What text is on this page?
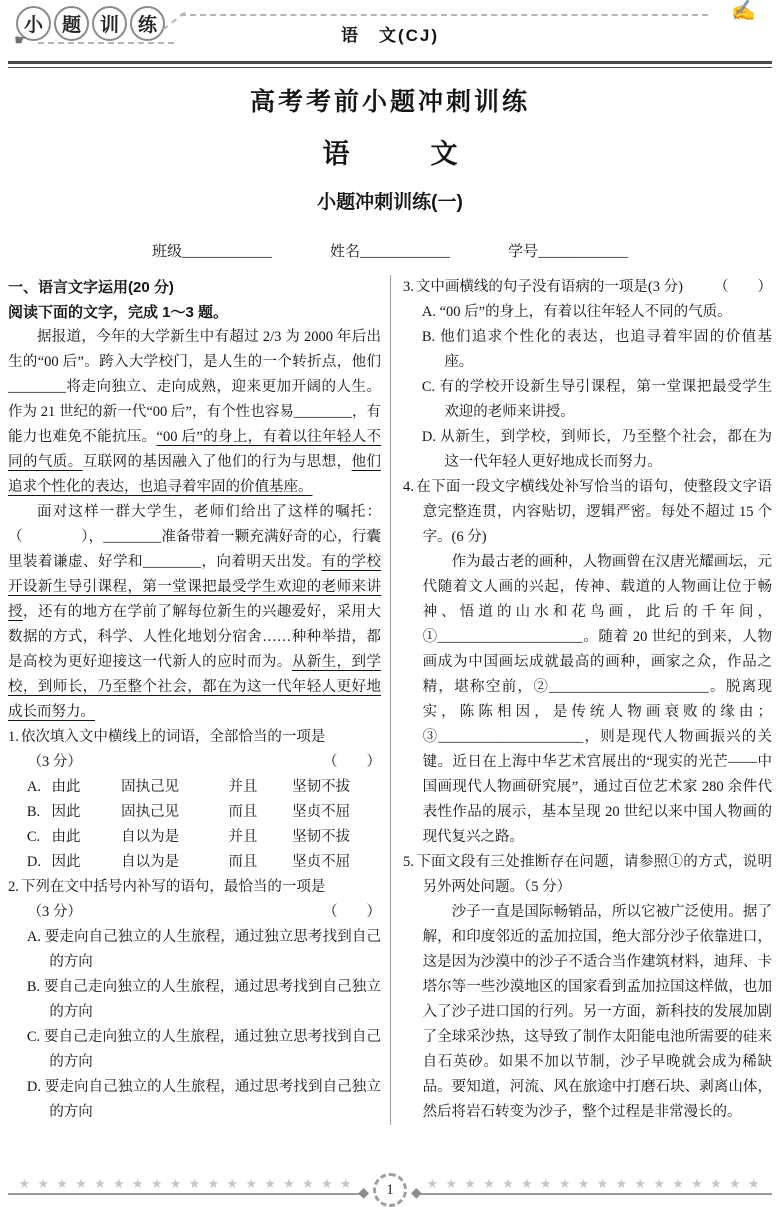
小 题 训 练
☛
✍
语　文(CJ)
高考考前小题冲刺训练
语　　　文
小题冲刺训练(一)
班级____________	姓名____________	学号____________
一、语言文字运用(20 分)
阅读下面的文字，完成 1～3 题。
据报道，今年的大学新生中有超过 2/3 为 2000 年后出生的“00 后”。跨入大学校门，是人生的一个转折点，他们________将走向独立、走向成熟，迎来更加开阔的人生。作为 21 世纪的新一代“00 后”，有个性也容易________，有能力也难免不能抗压。“00 后”的身上，有着以往年轻人不同的气质。互联网的基因融入了他们的行为与思想，他们追求个性化的表达，也追寻着牢固的价值基座。
面对这样一群大学生，老师们给出了这样的嘱托：（　　　　），________准备带着一颗充满好奇的心，行囊里装着谦虚、好学和________，向着明天出发。有的学校开设新生导引课程，第一堂课把最受学生欢迎的老师来讲授，还有的地方在学前了解每位新生的兴趣爱好，采用大数据的方式，科学、人性化地划分宿舍……种种举措，都是高校为更好迎接这一代新人的应时而为。从新生，到学校，到师长，乃至整个社会，都在为这一代年轻人更好地成长而努力。
1. 依次填入文中横线上的词语，全部恰当的一项是
（3 分）	（　　）
A. 由此	固执己见	并且	坚韧不拔
B. 因此	固执己见	而且	坚贞不屈
C. 由此	自以为是	并且	坚韧不拔
D. 因此	自以为是	而且	坚贞不屈
2. 下列在文中括号内补写的语句，最恰当的一项是
（3 分）	（　　）
A. 要走向自己独立的人生旅程，通过独立思考找到自己的方向
B. 要自己走向独立的人生旅程，通过思考找到自己独立的方向
C. 要自己走向独立的人生旅程，通过独立思考找到自己的方向
D. 要走向自己独立的人生旅程，通过思考找到自己独立的方向
（　　）
3. 文中画横线的句子没有语病的一项是(3 分)
A. “00 后”的身上，有着以往年轻人不同的气质。
B. 他们追求个性化的表达，也追寻着牢固的价值基座。
C. 有的学校开设新生导引课程，第一堂课把最受学生欢迎的老师来讲授。
D. 从新生，到学校，到师长，乃至整个社会，都在为这一代年轻人更好地成长而努力。
4. 在下面一段文字横线处补写恰当的语句，使整段文字语意完整连贯，内容贴切，逻辑严密。每处不超过 15 个字。(6 分)
作为最古老的画种，人物画曾在汉唐光耀画坛，元代随着文人画的兴起，传神、载道的人物画让位于畅神、悟道的山水和花鸟画，此后的千年间，①____________________。随着 20 世纪的到来，人物画成为中国画坛成就最高的画种，画家之众，作品之精，堪称空前，②______________________。脱离现实，陈陈相因，是传统人物画衰败的缘由；③____________________，则是现代人物画振兴的关键。近日在上海中华艺术宫展出的“现实的光芒——中国画现代人物画研究展”，通过百位艺术家 280 余件代表性作品的展示，基本呈现 20 世纪以来中国人物画的现代复兴之路。
5. 下面文段有三处推断存在问题，请参照①的方式，说明另外两处问题。（5 分）
沙子一直是国际畅销品，所以它被广泛使用。据了解，和印度邻近的孟加拉国，绝大部分沙子依靠进口，这是因为沙漠中的沙子不适合当作建筑材料，迪拜、卡塔尔等一些沙漠地区的国家看到孟加拉国这样做，也加入了沙子进口国的行列。另一方面，新科技的发展加剧了全球采沙热，这导致了制作太阳能电池所需要的硅来自石英砂。如果不加以节制，沙子早晚就会成为稀缺品。要知道，河流、风在旅途中打磨石块、剥离山体，然后将岩石转变为沙子，整个过程是非常漫长的。
★ ★ ★ ★ ★ ★ ★ ★ ★ ★ ★ ★ ★ ★ ★ ★ ★ ★
◆ 1 ◆
★ ★ ★ ★ ★ ★ ★ ★ ★ ★ ★ ★ ★ ★ ★ ★ ★ ★
